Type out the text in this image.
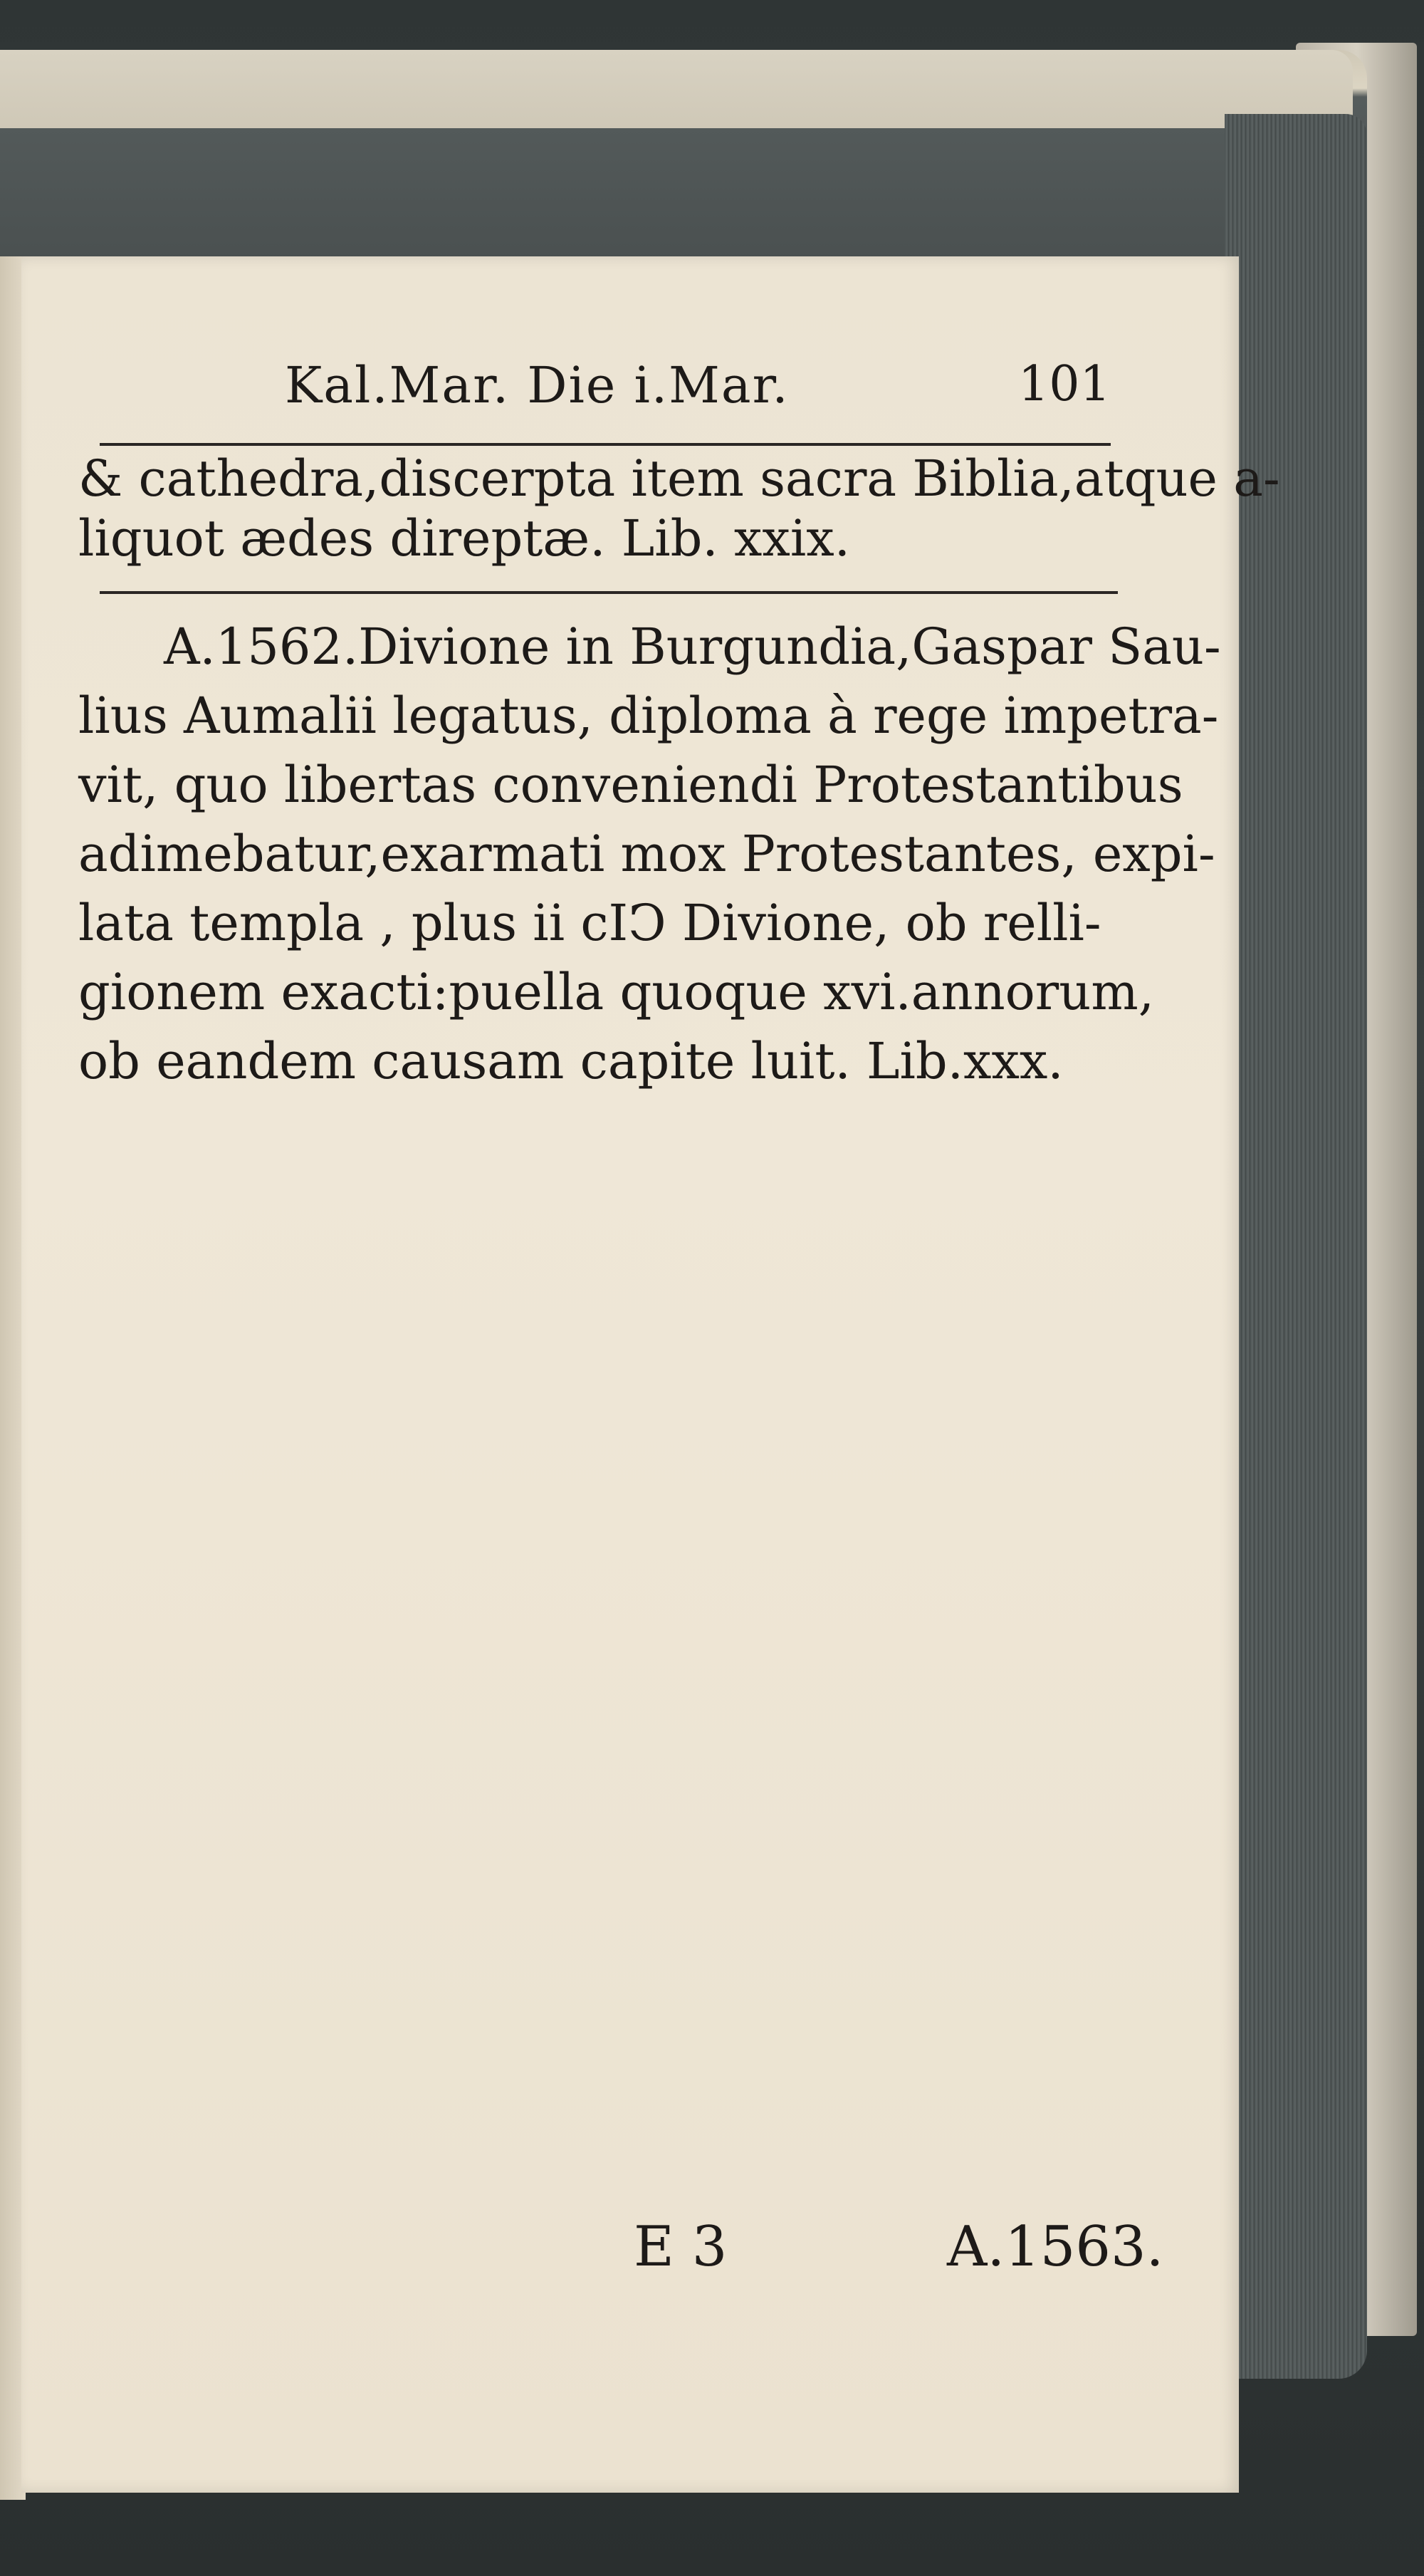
Kal.Mar. Die i.Mar.	101
& cathedra,discerpta item sacra Biblia,atque a-
liquot ædes direptæ. Lib. xxix.
A.1562.Divione in Burgundia,Gaspar Sau-
lius Aumalii legatus, diploma à rege impetra-
vit, quo libertas conveniendi Protestantibus
adimebatur,exarmati mox Protestantes, expi-
lata templa , plus ii cIↃ Divione, ob relli-
gionem exacti:puella quoque xvi.annorum,
ob eandem causam capite luit. Lib.xxx.
E 3	A.1563.
